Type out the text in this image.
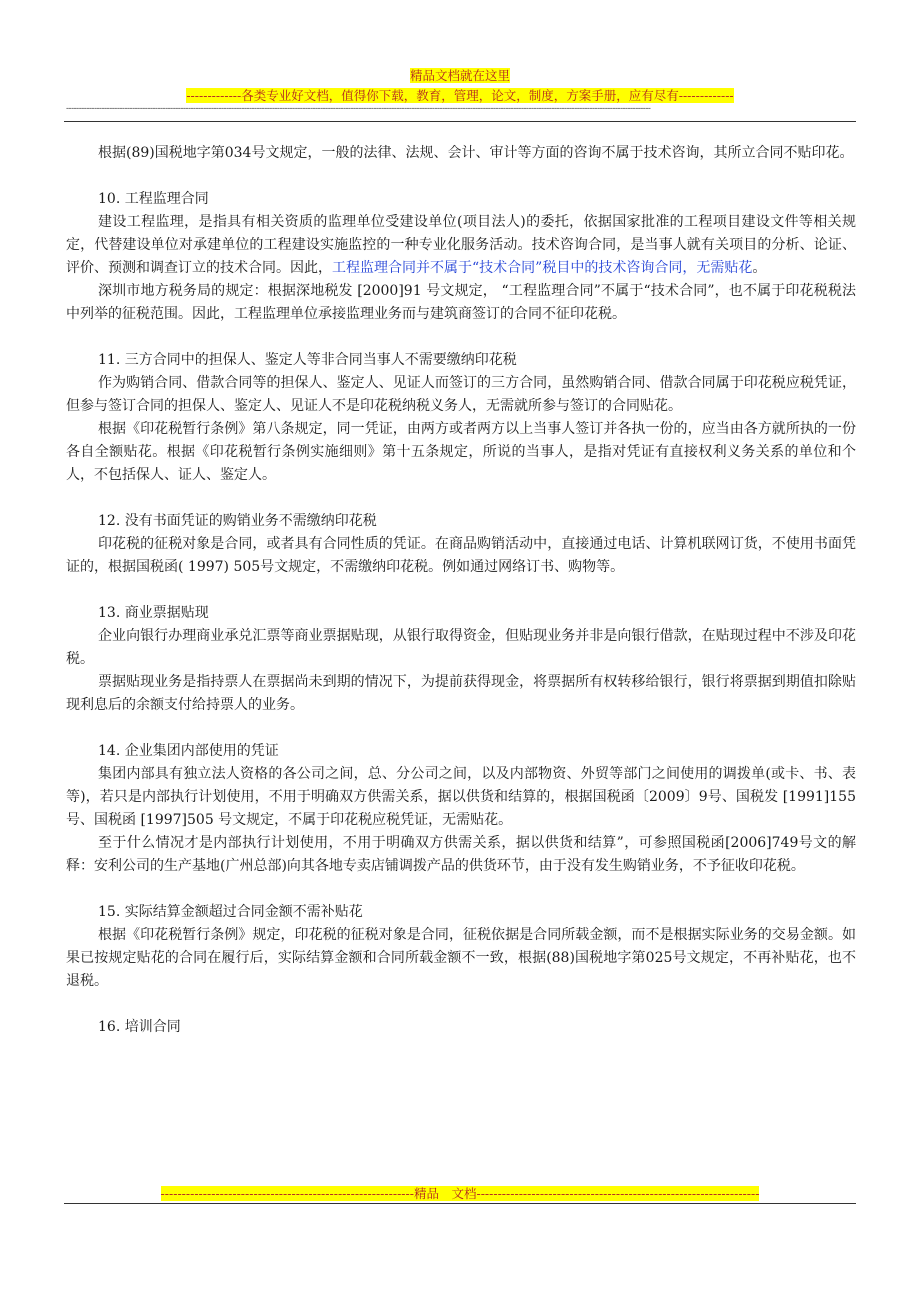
精品文档就在这里
-------------各类专业好文档，值得你下载，教育，管理，论文，制度，方案手册，应有尽有-------------
--------------------------------------------------------------------------------------------------------------------------------------------------------------------------------------------------------------------------------------

根据(89)国税地字第034号文规定，一般的法律、法规、会计、审计等方面的咨询不属于技术咨询，其所立合同不贴印花。

10. 工程监理合同

建设工程监理，是指具有相关资质的监理单位受建设单位(项目法人)的委托，依据国家批准的工程项目建设文件等相关规定，代替建设单位对承建单位的工程建设实施监控的一种专业化服务活动。技术咨询合同，是当事人就有关项目的分析、论证、评价、预测和调查订立的技术合同。因此，工程监理合同并不属于“技术合同”税目中的技术咨询合同，无需贴花。

深圳市地方税务局的规定：根据深地税发 [2000]91 号文规定， “工程监理合同”不属于“技术合同”，也不属于印花税税法中列举的征税范围。因此，工程监理单位承接监理业务而与建筑商签订的合同不征印花税。

11. 三方合同中的担保人、鉴定人等非合同当事人不需要缴纳印花税

作为购销合同、借款合同等的担保人、鉴定人、见证人而签订的三方合同，虽然购销合同、借款合同属于印花税应税凭证，但参与签订合同的担保人、鉴定人、见证人不是印花税纳税义务人，无需就所参与签订的合同贴花。

根据《印花税暂行条例》第八条规定，同一凭证，由两方或者两方以上当事人签订并各执一份的，应当由各方就所执的一份各自全额贴花。根据《印花税暂行条例实施细则》第十五条规定，所说的当事人，是指对凭证有直接权利义务关系的单位和个人，不包括保人、证人、鉴定人。

12. 没有书面凭证的购销业务不需缴纳印花税

印花税的征税对象是合同，或者具有合同性质的凭证。在商品购销活动中，直接通过电话、计算机联网订货，不使用书面凭证的，根据国税函( 1997) 505号文规定，不需缴纳印花税。例如通过网络订书、购物等。

13. 商业票据贴现

企业向银行办理商业承兑汇票等商业票据贴现，从银行取得资金，但贴现业务并非是向银行借款，在贴现过程中不涉及印花税。

票据贴现业务是指持票人在票据尚未到期的情况下，为提前获得现金，将票据所有权转移给银行，银行将票据到期值扣除贴现利息后的余额支付给持票人的业务。

14. 企业集团内部使用的凭证

集团内部具有独立法人资格的各公司之间，总、分公司之间，以及内部物资、外贸等部门之间使用的调拨单(或卡、书、表等)，若只是内部执行计划使用，不用于明确双方供需关系，据以供货和结算的，根据国税函〔2009〕9号、国税发 [1991]155 号、国税函 [1997]505 号文规定，不属于印花税应税凭证，无需贴花。

至于什么情况才是内部执行计划使用，不用于明确双方供需关系，据以供货和结算”，可参照国税函[2006]749号文的解释：安利公司的生产基地(广州总部)向其各地专卖店铺调拨产品的供货环节，由于没有发生购销业务，不予征收印花税。

15. 实际结算金额超过合同金额不需补贴花

根据《印花税暂行条例》规定，印花税的征税对象是合同，征税依据是合同所载金额，而不是根据实际业务的交易金额。如果已按规定贴花的合同在履行后，实际结算金额和合同所载金额不一致，根据(88)国税地字第025号文规定，不再补贴花，也不退税。

16. 培训合同
------------------------------------------------------------精品　文档-------------------------------------------------------------------
